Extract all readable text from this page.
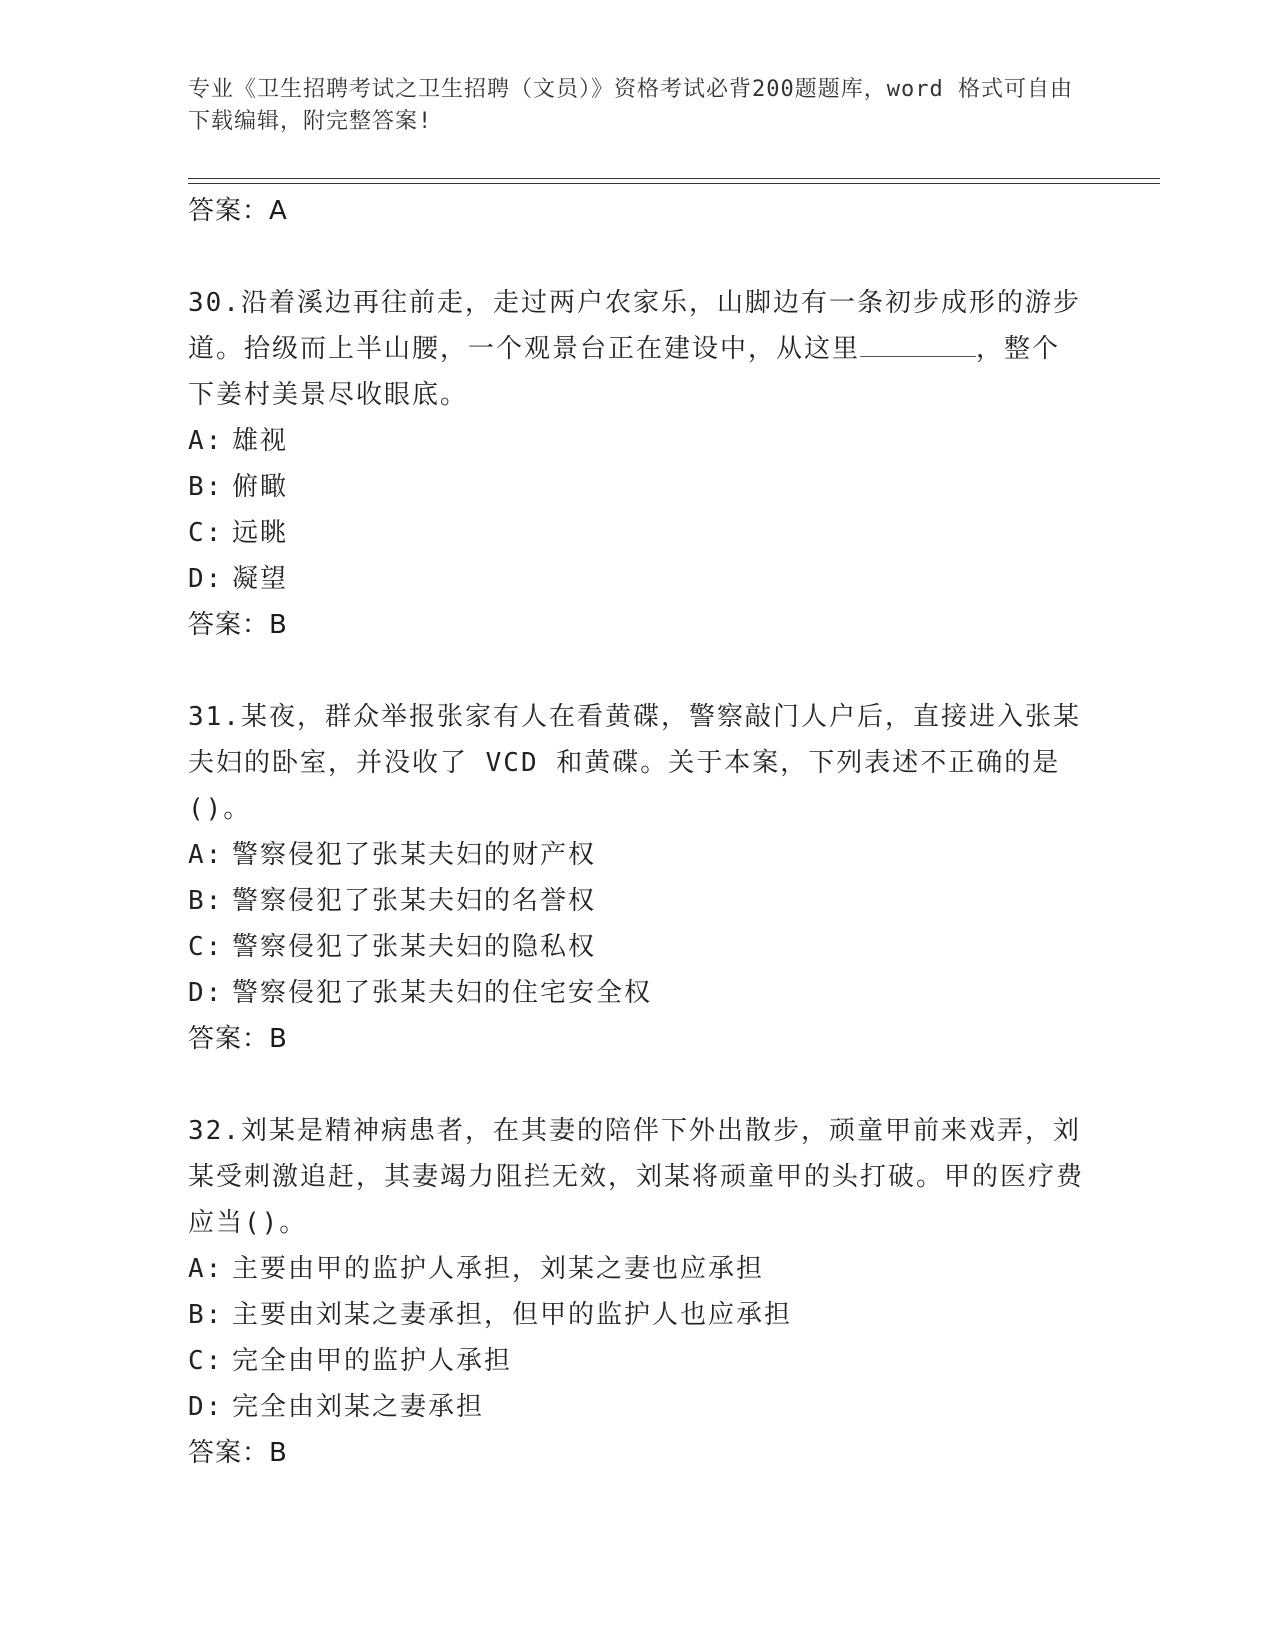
专业《卫生招聘考试之卫生招聘（文员）》资格考试必背200题题库，word 格式可自由下载编辑，附完整答案!
答案：A
30.沿着溪边再往前走，走过两户农家乐，山脚边有一条初步成形的游步道。拾级而上半山腰，一个观景台正在建设中，从这里	，整个下姜村美景尽收眼底。
A: 雄视
B: 俯瞰
C: 远眺
D: 凝望
答案：B
31.某夜，群众举报张家有人在看黄碟，警察敲门人户后，直接进入张某夫妇的卧室，并没收了 VCD 和黄碟。关于本案，下列表述不正确的是()。
A: 警察侵犯了张某夫妇的财产权
B: 警察侵犯了张某夫妇的名誉权
C: 警察侵犯了张某夫妇的隐私权
D: 警察侵犯了张某夫妇的住宅安全权
答案：B
32.刘某是精神病患者，在其妻的陪伴下外出散步，顽童甲前来戏弄，刘某受刺激追赶，其妻竭力阻拦无效，刘某将顽童甲的头打破。甲的医疗费应当()。
A: 主要由甲的监护人承担，刘某之妻也应承担
B: 主要由刘某之妻承担，但甲的监护人也应承担
C: 完全由甲的监护人承担
D: 完全由刘某之妻承担
答案：B
